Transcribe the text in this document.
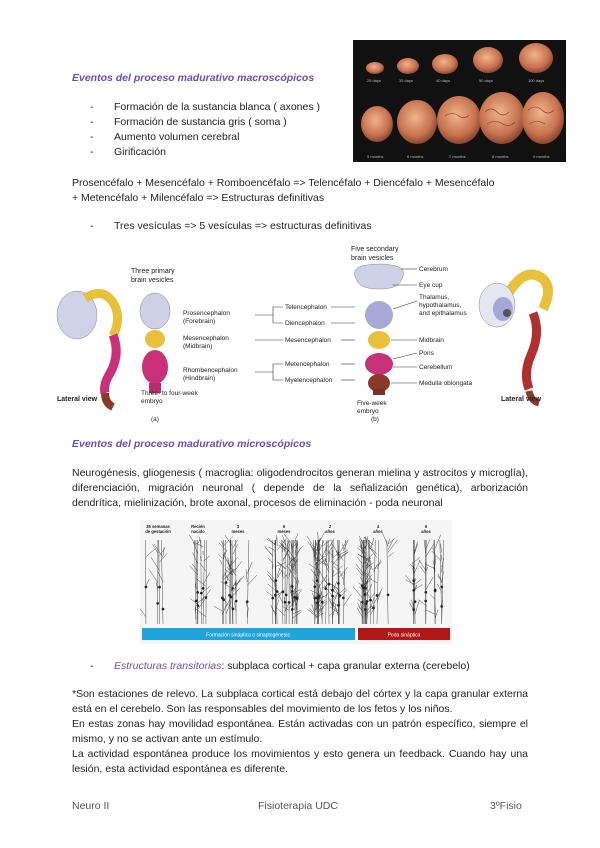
Eventos del proceso madurativo macroscópicos
-	Formación de la sustancia blanca ( axones )
-	Formación de sustancia gris ( soma )
-	Aumento volumen cerebral
-	Girificación
25 days	35 days	40 days	50 days	100 days
5 months	6 months	7 months	8 months	9 months
Prosencéfalo + Mesencéfalo + Romboencéfalo => Telencéfalo + Diencéfalo + Mesencéfalo
+ Metencéfalo + Milencéfalo => Estructuras definitivas
-	Tres vesículas => 5 vesículas => estructuras definitivas
Lateral view
Three primary brain vesicles
Prosencephalon
(Forebrain)
Mesencephalon
(Midbrain)
Rhombencephalon
(Hindbrain)
Three- to four-week embryo
(a)
Telencephalon
Diencephalon
Mesencephalon
Metencephalon
Myelencephalon
Five secondary brain vesicles
Five-week embryo
(b)
Cerebrum
Eye cup
Thalamus, hypothalamus, and epithalamus
Midbrain
Pons
Cerebellum
Medulla oblongata
Lateral view
Eventos del proceso madurativo microscópicos
Neurogénesis, gliogenesis ( macroglia: oligodendrocitos generan mielina y astrocitos y microglía), diferenciación, migración neuronal ( depende de la señalización genética), arborización dendrítica, mielinización, brote axonal, procesos de eliminación - poda neuronal
36 semanas de gestación
Recién nacido
3 meses
6 meses
2 años
4 años
6 años
Formación sináptica o sinaptogénesis	Poda sináptica
-	Estructuras transitorias: subplaca cortical + capa granular externa (cerebelo)
*Son estaciones de relevo. La subplaca cortical está debajo del córtex y la capa granular externa está en el cerebelo. Son las responsables del movimiento de los fetos y los niños.
En estas zonas hay movilidad espontánea. Están activadas con un patrón específico, siempre el mismo, y no se activan ante un estímulo.
La actividad espontánea produce los movimientos y esto genera un feedback. Cuando hay una lesión, esta actividad espontánea es diferente.
Neuro II	Fisioterapia UDC	3ºFisio
